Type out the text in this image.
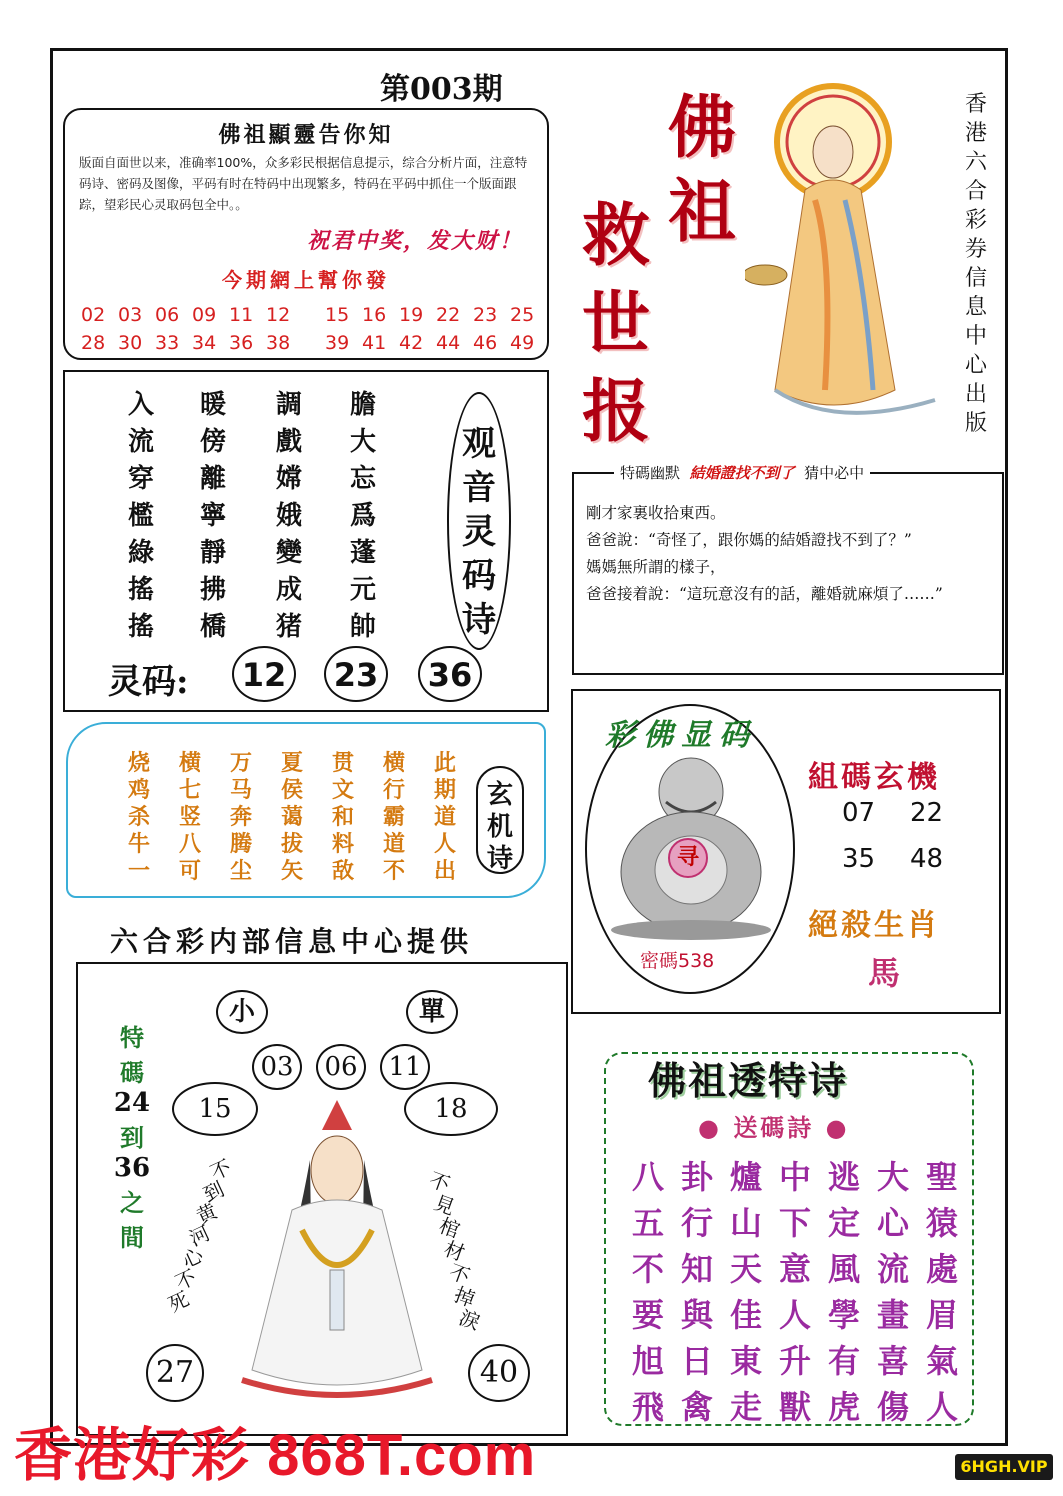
第003期
佛祖顯靈告你知
版面自面世以来，准确率100%，众多彩民根据信息提示，综合分析片面，注意特码诗、密码及图像，平码有时在特码中出现繁多，特码在平码中抓住一个版面跟踪，望彩民心灵取码包全中。。
祝君中奖，发大财！
今期網上幫你發
02 03 06 09 11 12 15 16 19 22 23 25
28 30 33 34 36 38 39 41 42 44 46 49
佛
祖
救
世
报
香
港
六
合
彩
券
信
息
中
心
出
版
入
流
穿
檻
綠
搖
搖
暖
傍
離
寧
靜
拂
橋
調
戲
嫦
娥
變
成
猪
膽
大
忘
爲
蓬
元
帥
观
音
灵
码
诗
灵码:	12	23	36
特碼幽默 結婚證找不到了 猜中必中
剛才家裏收拾東西。
爸爸說：“奇怪了，跟你媽的結婚證找不到了？”
媽媽無所謂的樣子，
爸爸接着說：“這玩意沒有的話，離婚就麻煩了……”
彩佛显码
寻
密碼538
組碼玄機
07 22
35 48
絕殺生肖
馬
烧
鸡
杀
牛
一
横
七
竖
八
可
万
马
奔
腾
尘
夏
侯
蔼
拔
矢
贯
文
和
料
敌
横
行
霸
道
不
此
期
道
人
出
玄
机
诗
六合彩内部信息中心提供
小	單
03	06	11
15	18
27	40
特
碼
24
到
36
之
間
不
到
黄
河
心
不
死
不
見
棺
材
不
掉
淚
佛祖透特诗
● 送碼詩 ●
八 卦 爐 中 逃 大 聖
五 行 山 下 定 心 猿
不 知 天 意 風 流 處
要 與 佳 人 學 畫 眉
旭 日 東 升 有 喜 氣
飛 禽 走 獸 虎 傷 人
香港好彩 868T.com	6HGH.VIP
